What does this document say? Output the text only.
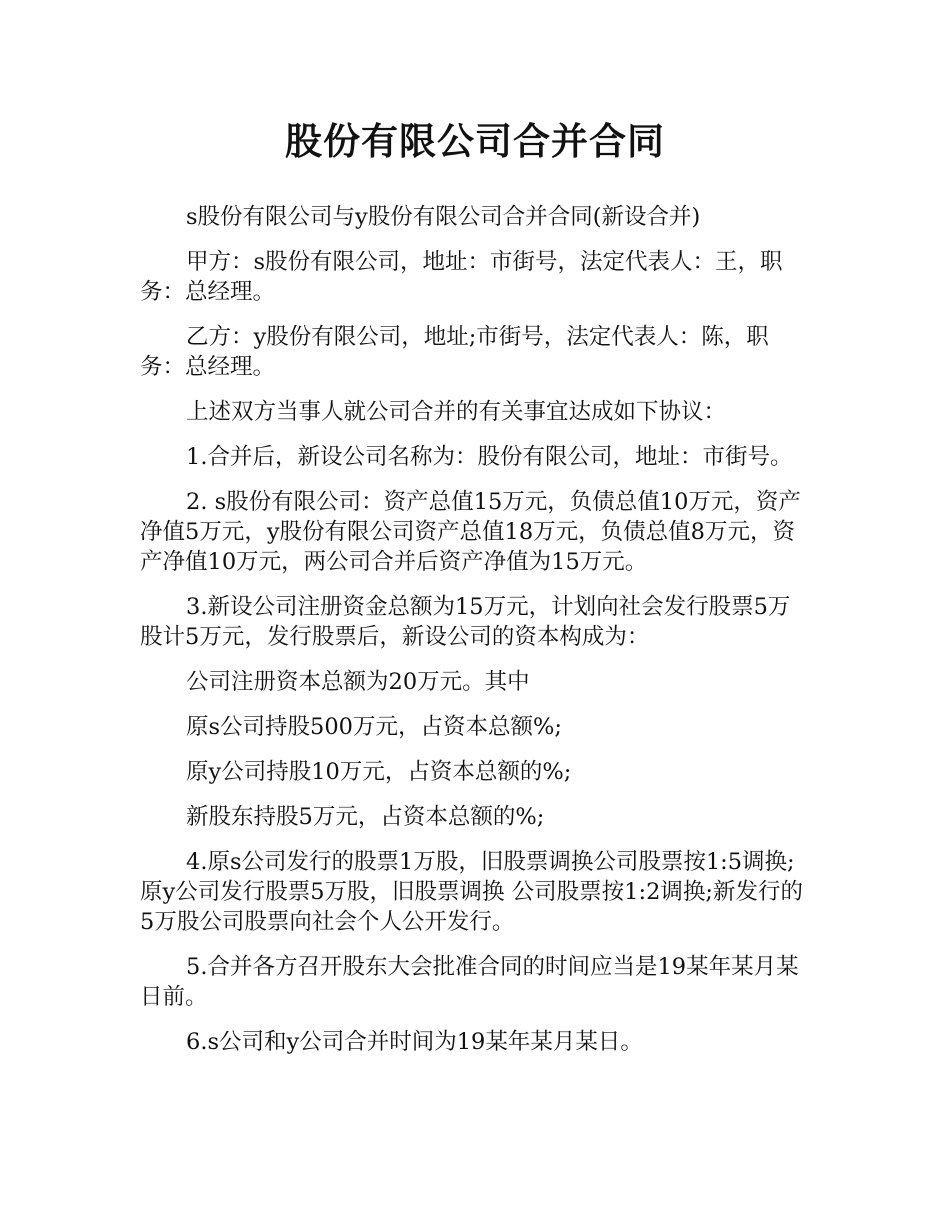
股份有限公司合并合同

s股份有限公司与y股份有限公司合并合同(新设合并)

甲方：s股份有限公司，地址：市街号，法定代表人：王，职务：总经理。

乙方：y股份有限公司，地址;市街号，法定代表人：陈，职务：总经理。

上述双方当事人就公司合并的有关事宜达成如下协议：

1.合并后，新设公司名称为：股份有限公司，地址：市街号。

2. s股份有限公司：资产总值15万元，负债总值10万元，资产净值5万元，y股份有限公司资产总值18万元，负债总值8万元，资产净值10万元，两公司合并后资产净值为15万元。

3.新设公司注册资金总额为15万元，计划向社会发行股票5万股计5万元，发行股票后，新设公司的资本构成为：

公司注册资本总额为20万元。其中

原s公司持股500万元，占资本总额%;

原y公司持股10万元，占资本总额的%;

新股东持股5万元，占资本总额的%;

4.原s公司发行的股票1万股，旧股票调换公司股票按1:5调换;原y公司发行股票5万股，旧股票调换 公司股票按1:2调换;新发行的5万股公司股票向社会个人公开发行。

5.合并各方召开股东大会批准合同的时间应当是19某年某月某日前。

6.s公司和y公司合并时间为19某年某月某日。
